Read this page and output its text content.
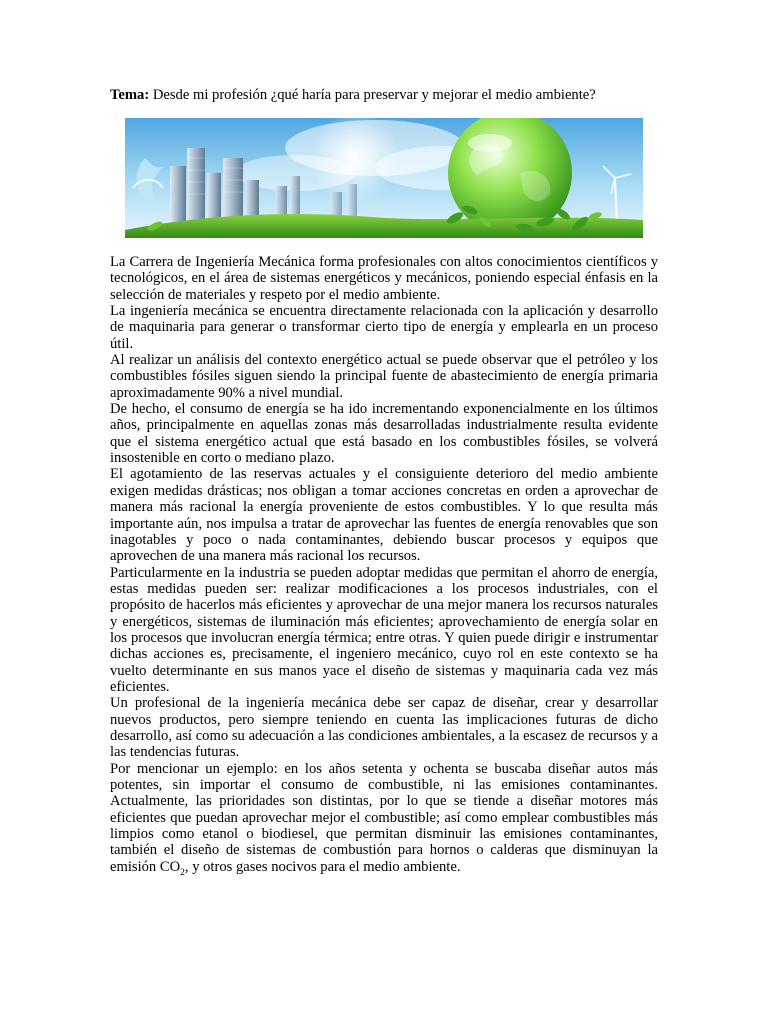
Tema: Desde mi profesión ¿qué haría para preservar y mejorar el medio ambiente?

La Carrera de Ingeniería Mecánica forma profesionales con altos conocimientos científicos y tecnológicos, en el área de sistemas energéticos y mecánicos, poniendo especial énfasis en la selección de materiales y respeto por el medio ambiente.

La ingeniería mecánica se encuentra directamente relacionada con la aplicación y desarrollo de maquinaria para generar o transformar cierto tipo de energía y emplearla en un proceso útil.

Al realizar un análisis del contexto energético actual se puede observar que el petróleo y los combustibles fósiles siguen siendo la principal fuente de abastecimiento de energía primaria aproximadamente 90% a nivel mundial.

De hecho, el consumo de energía se ha ido incrementando exponencialmente en los últimos años, principalmente en aquellas zonas más desarrolladas industrialmente resulta evidente que el sistema energético actual que está basado en los combustibles fósiles, se volverá insostenible en corto o mediano plazo.

El agotamiento de las reservas actuales y el consiguiente deterioro del medio ambiente exigen medidas drásticas; nos obligan a tomar acciones concretas en orden a aprovechar de manera más racional la energía proveniente de estos combustibles. Y lo que resulta más importante aún, nos impulsa a tratar de aprovechar las fuentes de energía renovables que son inagotables y poco o nada contaminantes, debiendo buscar procesos y equipos que aprovechen de una manera más racional los recursos.

Particularmente en la industria se pueden adoptar medidas que permitan el ahorro de energía, estas medidas pueden ser: realizar modificaciones a los procesos industriales, con el propósito de hacerlos más eficientes y aprovechar de una mejor manera los recursos naturales y energéticos, sistemas de iluminación más eficientes; aprovechamiento de energía solar en los procesos que involucran energía térmica; entre otras. Y quien puede dirigir e instrumentar dichas acciones es, precisamente, el ingeniero mecánico, cuyo rol en este contexto se ha vuelto determinante en sus manos yace el diseño de sistemas y maquinaria cada vez más eficientes.

Un profesional de la ingeniería mecánica debe ser capaz de diseñar, crear y desarrollar nuevos productos, pero siempre teniendo en cuenta las implicaciones futuras de dicho desarrollo, así como su adecuación a las condiciones ambientales, a la escasez de recursos y a las tendencias futuras.

Por mencionar un ejemplo: en los años setenta y ochenta se buscaba diseñar autos más potentes, sin importar el consumo de combustible, ni las emisiones contaminantes. Actualmente, las prioridades son distintas, por lo que se tiende a diseñar motores más eficientes que puedan aprovechar mejor el combustible; así como emplear combustibles más limpios como etanol o biodiesel, que permitan disminuir las emisiones contaminantes, también el diseño de sistemas de combustión para hornos o calderas que disminuyan la emisión $CO_2$, y otros gases nocivos para el medio ambiente.
